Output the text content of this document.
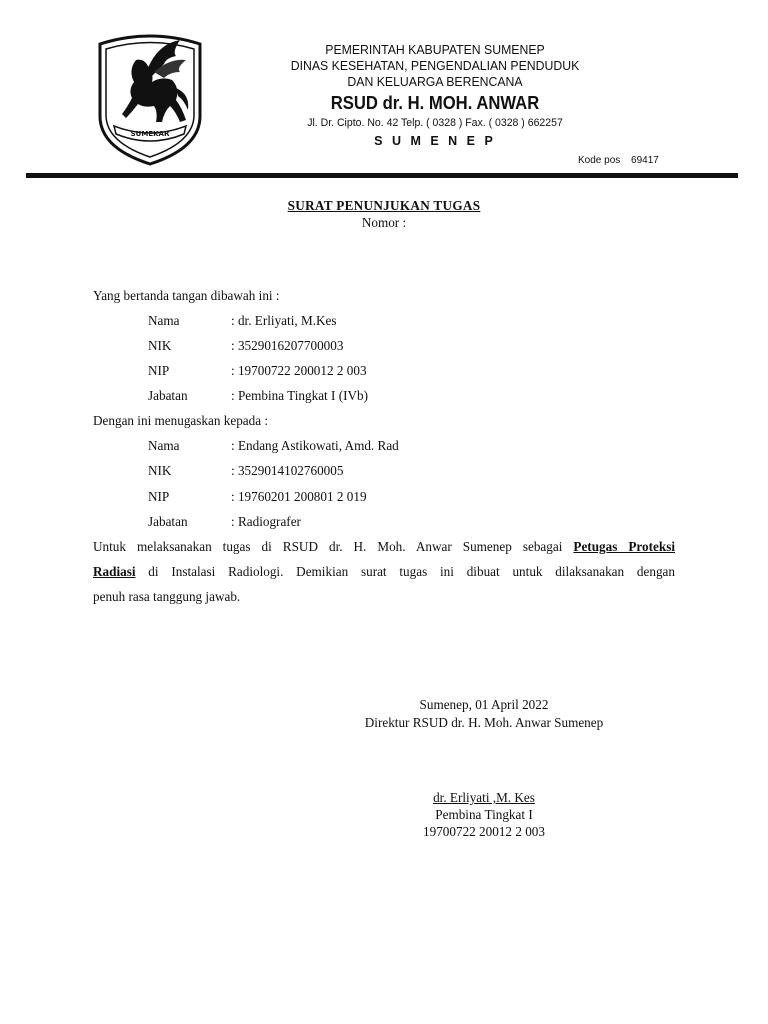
SUMEKAR
PEMERINTAH KABUPATEN SUMENEP
DINAS KESEHATAN, PENGENDALIAN PENDUDUK
DAN KELUARGA BERENCANA
RSUD dr. H. MOH. ANWAR
Jl. Dr. Cipto. No. 42 Telp. ( 0328 ) Fax. ( 0328 ) 662257
S U M E N E P
Kode pos 69417
SURAT PENUNJUKAN TUGAS
Nomor :
Yang bertanda tangan dibawah ini :
Nama	: dr. Erliyati, M.Kes
NIK	: 3529016207700003
NIP	: 19700722 200012 2 003
Jabatan	: Pembina Tingkat I (IVb)
Dengan ini menugaskan kepada :
Nama	: Endang Astikowati, Amd. Rad
NIK	: 3529014102760005
NIP	: 19760201 200801 2 019
Jabatan	: Radiografer
Untuk melaksanakan tugas di RSUD dr. H. Moh. Anwar Sumenep sebagai Petugas Proteksi
Radiasi di Instalasi Radiologi. Demikian surat tugas ini dibuat untuk dilaksanakan dengan
penuh rasa tanggung jawab.
Sumenep, 01 April 2022
Direktur RSUD dr. H. Moh. Anwar Sumenep
dr. Erliyati ,M. Kes
Pembina Tingkat I
19700722 20012 2 003
